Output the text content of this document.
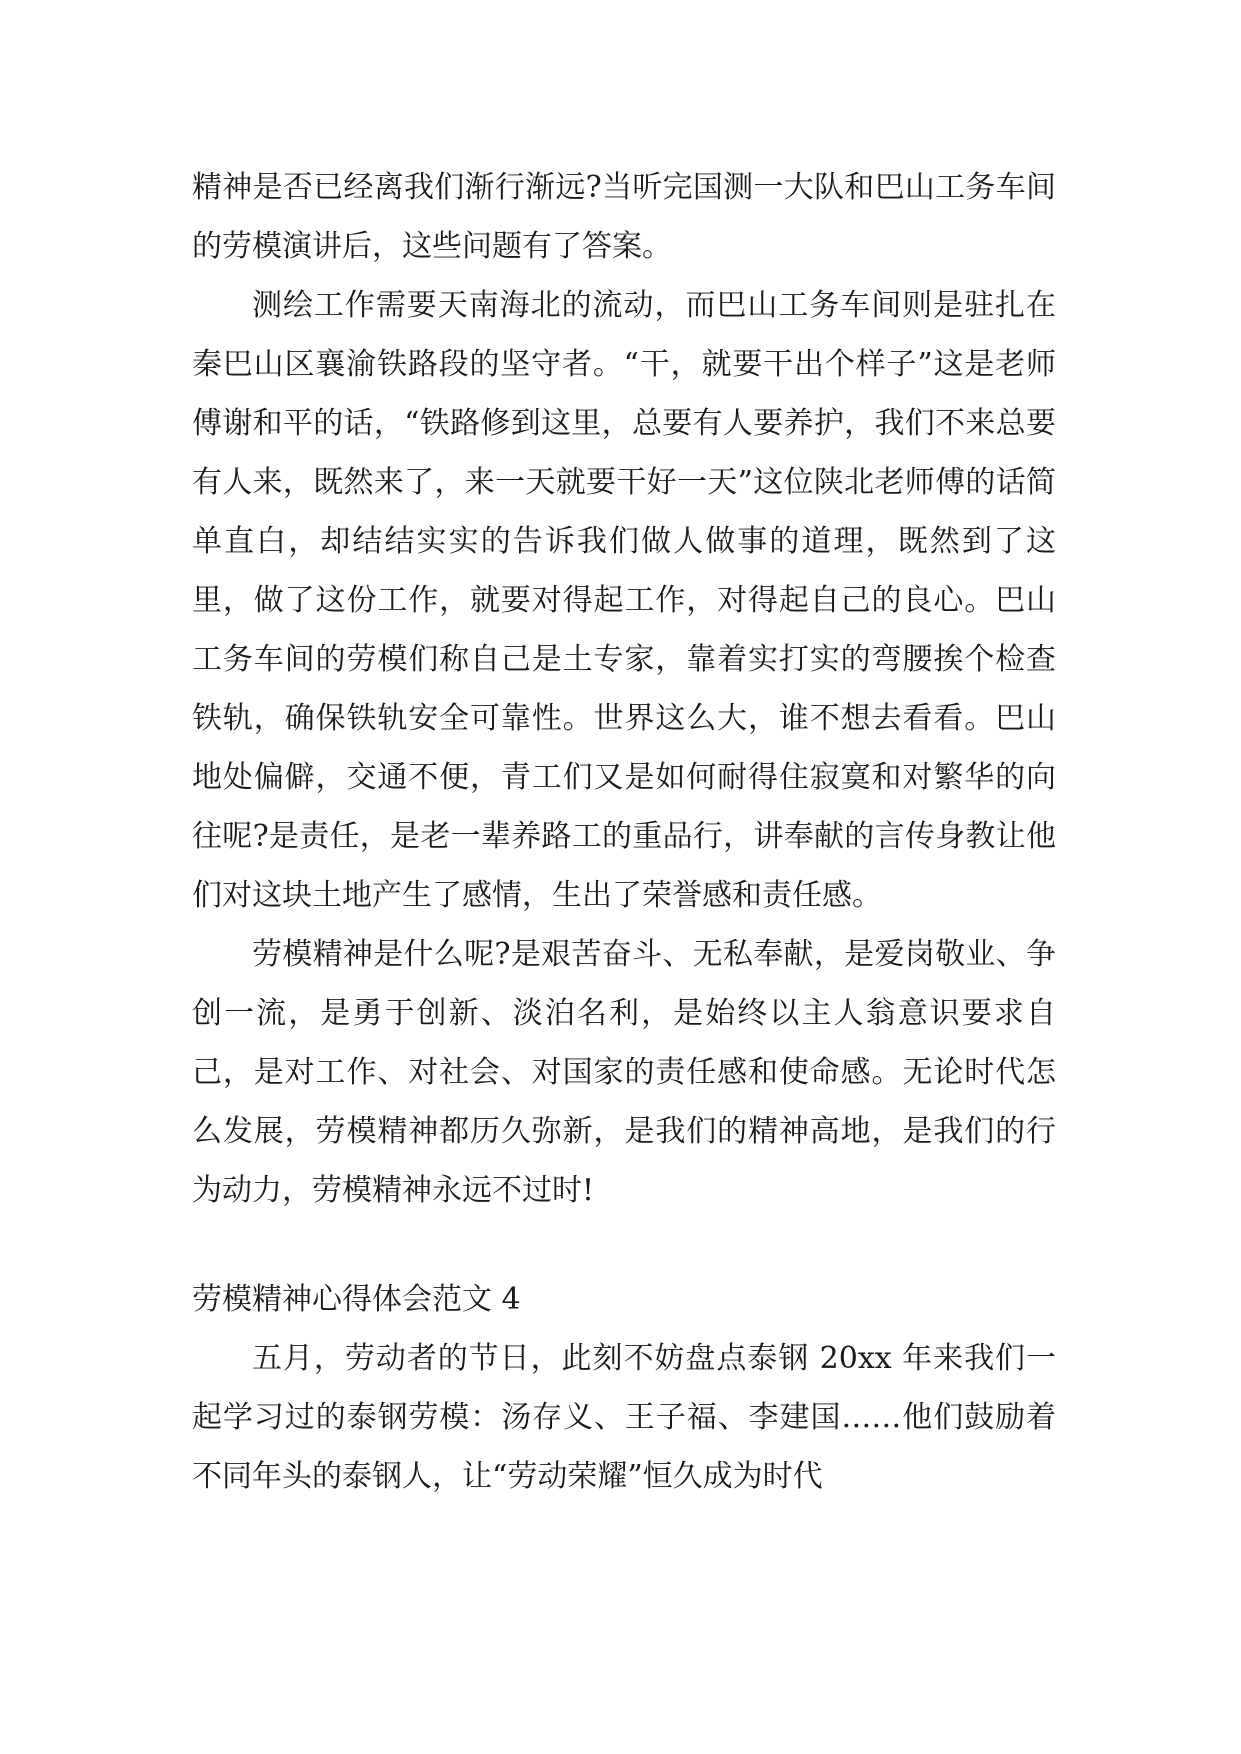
精神是否已经离我们渐行渐远?当听完国测一大队和巴山工务车间的劳模演讲后，这些问题有了答案。

测绘工作需要天南海北的流动，而巴山工务车间则是驻扎在秦巴山区襄渝铁路段的坚守者。“干，就要干出个样子”这是老师傅谢和平的话，“铁路修到这里，总要有人要养护，我们不来总要有人来，既然来了，来一天就要干好一天”这位陕北老师傅的话简单直白，却结结实实的告诉我们做人做事的道理，既然到了这里，做了这份工作，就要对得起工作，对得起自己的良心。巴山工务车间的劳模们称自己是土专家，靠着实打实的弯腰挨个检查铁轨，确保铁轨安全可靠性。世界这么大，谁不想去看看。巴山地处偏僻，交通不便，青工们又是如何耐得住寂寞和对繁华的向往呢?是责任，是老一辈养路工的重品行，讲奉献的言传身教让他们对这块土地产生了感情，生出了荣誉感和责任感。

劳模精神是什么呢?是艰苦奋斗、无私奉献，是爱岗敬业、争创一流，是勇于创新、淡泊名利，是始终以主人翁意识要求自己，是对工作、对社会、对国家的责任感和使命感。无论时代怎么发展，劳模精神都历久弥新，是我们的精神高地，是我们的行为动力，劳模精神永远不过时!

劳模精神心得体会范文 4

五月，劳动者的节日，此刻不妨盘点泰钢 20xx 年来我们一起学习过的泰钢劳模：汤存义、王子福、李建国……他们鼓励着不同年头的泰钢人，让“劳动荣耀”恒久成为时代
